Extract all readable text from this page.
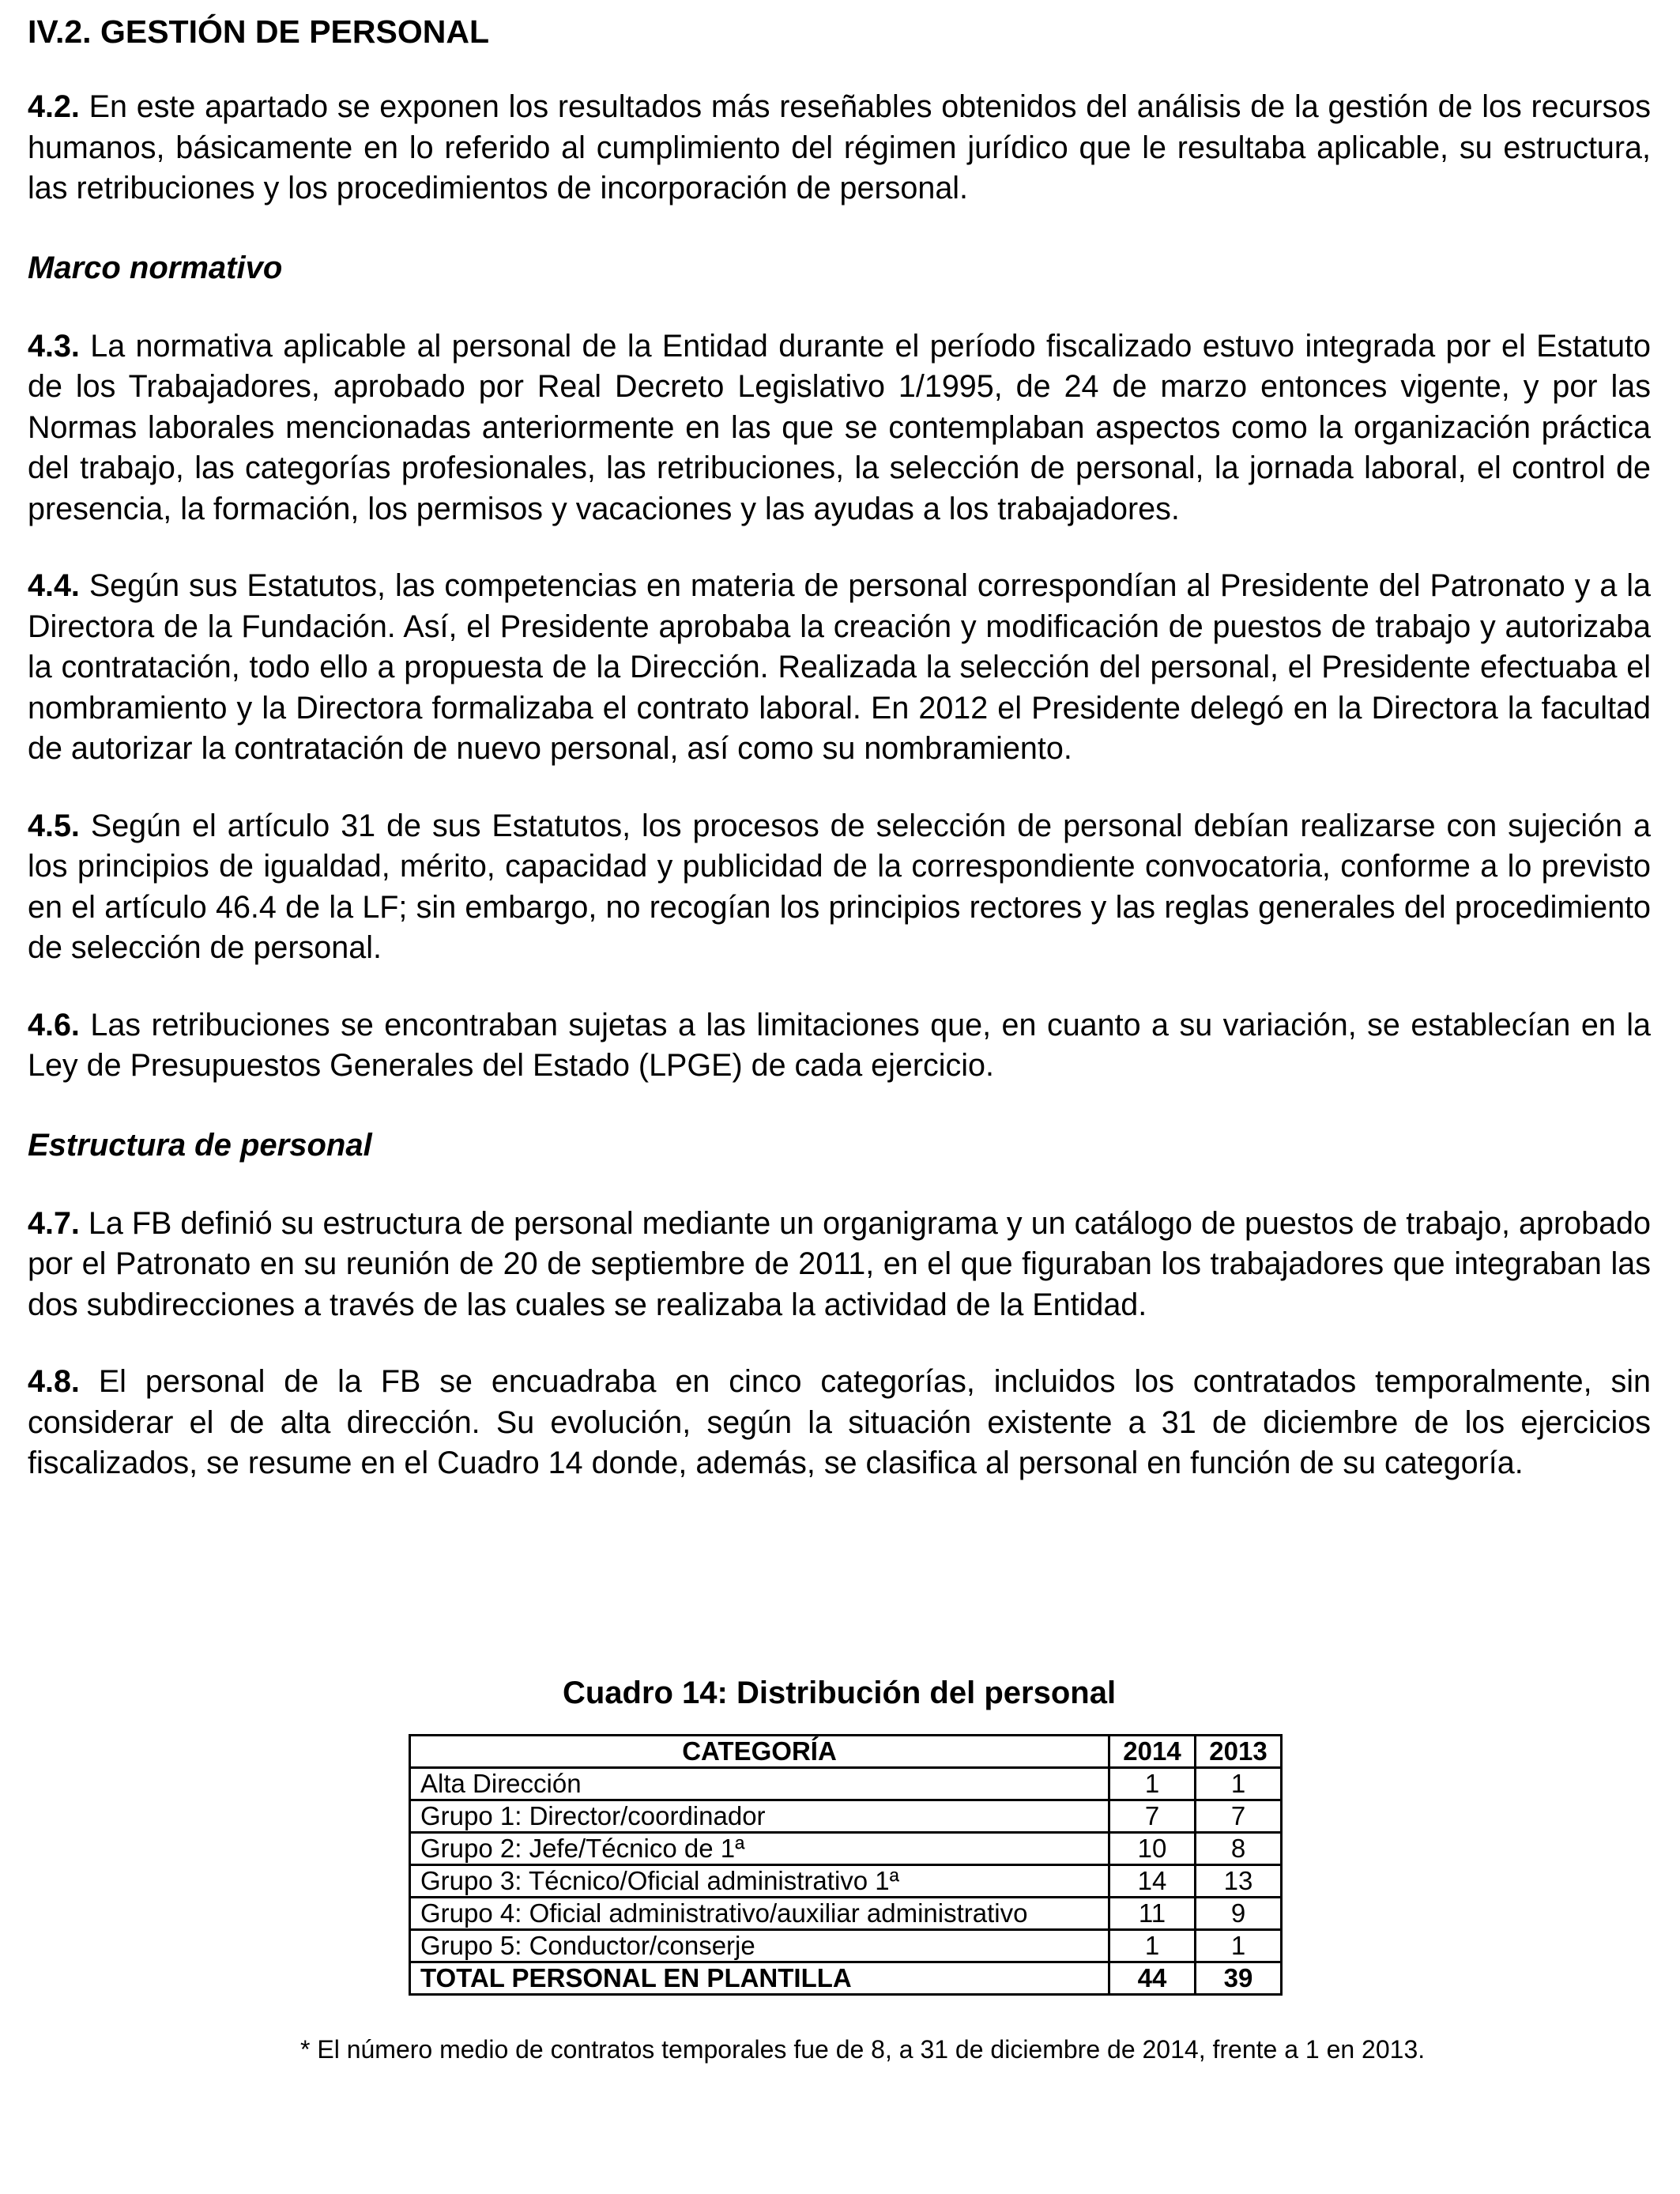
IV.2. GESTIÓN DE PERSONAL

4.2. En este apartado se exponen los resultados más reseñables obtenidos del análisis de la gestión de los recursos humanos, básicamente en lo referido al cumplimiento del régimen jurídico que le resultaba aplicable, su estructura, las retribuciones y los procedimientos de incorporación de personal.

Marco normativo

4.3. La normativa aplicable al personal de la Entidad durante el período fiscalizado estuvo integrada por el Estatuto de los Trabajadores, aprobado por Real Decreto Legislativo 1/1995, de 24 de marzo entonces vigente, y por las Normas laborales mencionadas anteriormente en las que se contemplaban aspectos como la organización práctica del trabajo, las categorías profesionales, las retribuciones, la selección de personal, la jornada laboral, el control de presencia, la formación, los permisos y vacaciones y las ayudas a los trabajadores.

4.4. Según sus Estatutos, las competencias en materia de personal correspondían al Presidente del Patronato y a la Directora de la Fundación. Así, el Presidente aprobaba la creación y modificación de puestos de trabajo y autorizaba la contratación, todo ello a propuesta de la Dirección. Realizada la selección del personal, el Presidente efectuaba el nombramiento y la Directora formalizaba el contrato laboral. En 2012 el Presidente delegó en la Directora la facultad de autorizar la contratación de nuevo personal, así como su nombramiento.

4.5. Según el artículo 31 de sus Estatutos, los procesos de selección de personal debían realizarse con sujeción a los principios de igualdad, mérito, capacidad y publicidad de la correspondiente convocatoria, conforme a lo previsto en el artículo 46.4 de la LF; sin embargo, no recogían los principios rectores y las reglas generales del procedimiento de selección de personal.

4.6. Las retribuciones se encontraban sujetas a las limitaciones que, en cuanto a su variación, se establecían en la Ley de Presupuestos Generales del Estado (LPGE) de cada ejercicio.

Estructura de personal

4.7. La FB definió su estructura de personal mediante un organigrama y un catálogo de puestos de trabajo, aprobado por el Patronato en su reunión de 20 de septiembre de 2011, en el que figuraban los trabajadores que integraban las dos subdirecciones a través de las cuales se realizaba la actividad de la Entidad.

4.8. El personal de la FB se encuadraba en cinco categorías, incluidos los contratados temporalmente, sin considerar el de alta dirección. Su evolución, según la situación existente a 31 de diciembre de los ejercicios fiscalizados, se resume en el Cuadro 14 donde, además, se clasifica al personal en función de su categoría.

Cuadro 14: Distribución del personal

CATEGORÍA	2014	2013
Alta Dirección	1	1
Grupo 1: Director/coordinador	7	7
Grupo 2: Jefe/Técnico de 1ª	10	8
Grupo 3: Técnico/Oficial administrativo 1ª	14	13
Grupo 4: Oficial administrativo/auxiliar administrativo	11	9
Grupo 5: Conductor/conserje	1	1
TOTAL PERSONAL EN PLANTILLA	44	39

* El número medio de contratos temporales fue de 8, a 31 de diciembre de 2014, frente a 1 en 2013.
